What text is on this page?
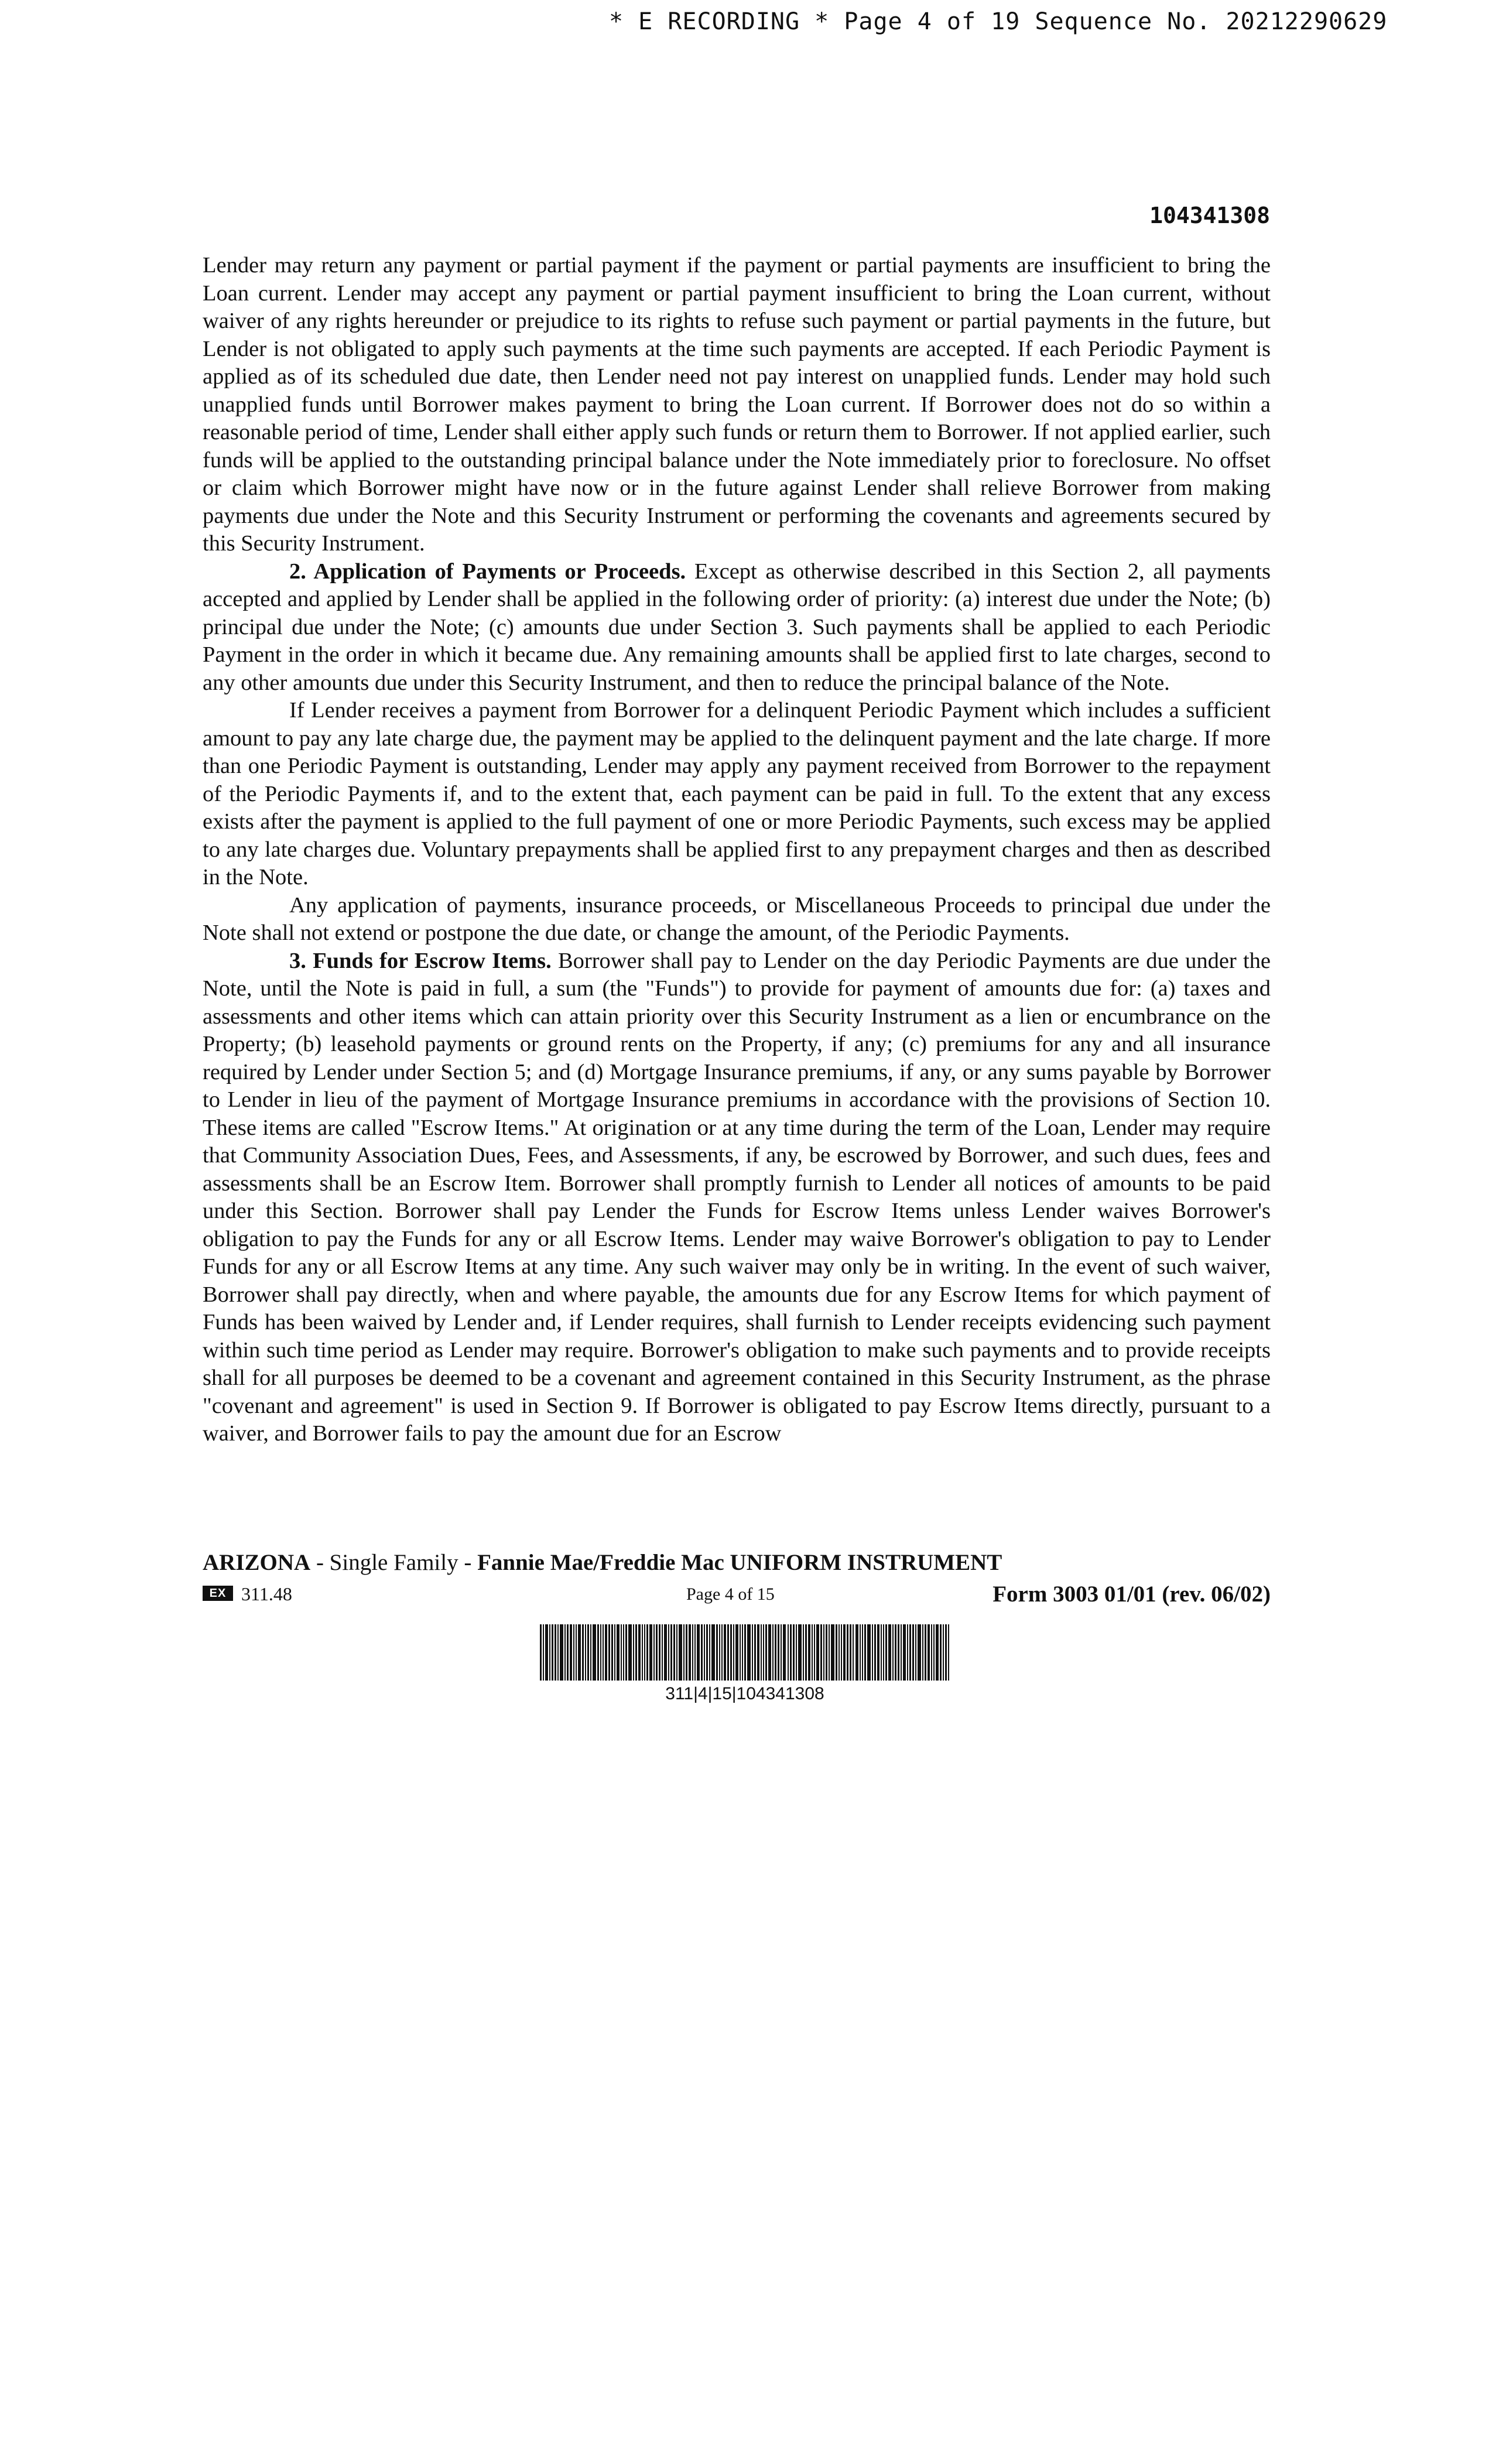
* E RECORDING * Page 4 of 19 Sequence No. 20212290629
104341308

Lender may return any payment or partial payment if the payment or partial payments are insufficient to bring the Loan current. Lender may accept any payment or partial payment insufficient to bring the Loan current, without waiver of any rights hereunder or prejudice to its rights to refuse such payment or partial payments in the future, but Lender is not obligated to apply such payments at the time such payments are accepted. If each Periodic Payment is applied as of its scheduled due date, then Lender need not pay interest on unapplied funds. Lender may hold such unapplied funds until Borrower makes payment to bring the Loan current. If Borrower does not do so within a reasonable period of time, Lender shall either apply such funds or return them to Borrower. If not applied earlier, such funds will be applied to the outstanding principal balance under the Note immediately prior to foreclosure. No offset or claim which Borrower might have now or in the future against Lender shall relieve Borrower from making payments due under the Note and this Security Instrument or performing the covenants and agreements secured by this Security Instrument.

2. Application of Payments or Proceeds. Except as otherwise described in this Section 2, all payments accepted and applied by Lender shall be applied in the following order of priority: (a) interest due under the Note; (b) principal due under the Note; (c) amounts due under Section 3. Such payments shall be applied to each Periodic Payment in the order in which it became due. Any remaining amounts shall be applied first to late charges, second to any other amounts due under this Security Instrument, and then to reduce the principal balance of the Note.

If Lender receives a payment from Borrower for a delinquent Periodic Payment which includes a sufficient amount to pay any late charge due, the payment may be applied to the delinquent payment and the late charge. If more than one Periodic Payment is outstanding, Lender may apply any payment received from Borrower to the repayment of the Periodic Payments if, and to the extent that, each payment can be paid in full. To the extent that any excess exists after the payment is applied to the full payment of one or more Periodic Payments, such excess may be applied to any late charges due. Voluntary prepayments shall be applied first to any prepayment charges and then as described in the Note.

Any application of payments, insurance proceeds, or Miscellaneous Proceeds to principal due under the Note shall not extend or postpone the due date, or change the amount, of the Periodic Payments.

3. Funds for Escrow Items. Borrower shall pay to Lender on the day Periodic Payments are due under the Note, until the Note is paid in full, a sum (the "Funds") to provide for payment of amounts due for: (a) taxes and assessments and other items which can attain priority over this Security Instrument as a lien or encumbrance on the Property; (b) leasehold payments or ground rents on the Property, if any; (c) premiums for any and all insurance required by Lender under Section 5; and (d) Mortgage Insurance premiums, if any, or any sums payable by Borrower to Lender in lieu of the payment of Mortgage Insurance premiums in accordance with the provisions of Section 10. These items are called "Escrow Items." At origination or at any time during the term of the Loan, Lender may require that Community Association Dues, Fees, and Assessments, if any, be escrowed by Borrower, and such dues, fees and assessments shall be an Escrow Item. Borrower shall promptly furnish to Lender all notices of amounts to be paid under this Section. Borrower shall pay Lender the Funds for Escrow Items unless Lender waives Borrower's obligation to pay the Funds for any or all Escrow Items. Lender may waive Borrower's obligation to pay to Lender Funds for any or all Escrow Items at any time. Any such waiver may only be in writing. In the event of such waiver, Borrower shall pay directly, when and where payable, the amounts due for any Escrow Items for which payment of Funds has been waived by Lender and, if Lender requires, shall furnish to Lender receipts evidencing such payment within such time period as Lender may require. Borrower's obligation to make such payments and to provide receipts shall for all purposes be deemed to be a covenant and agreement contained in this Security Instrument, as the phrase "covenant and agreement" is used in Section 9. If Borrower is obligated to pay Escrow Items directly, pursuant to a waiver, and Borrower fails to pay the amount due for an Escrow

ARIZONA - Single Family - Fannie Mae/Freddie Mac UNIFORM INSTRUMENT
EX 311.48	Page 4 of 15	Form 3003 01/01 (rev. 06/02)
311|4|15|104341308
